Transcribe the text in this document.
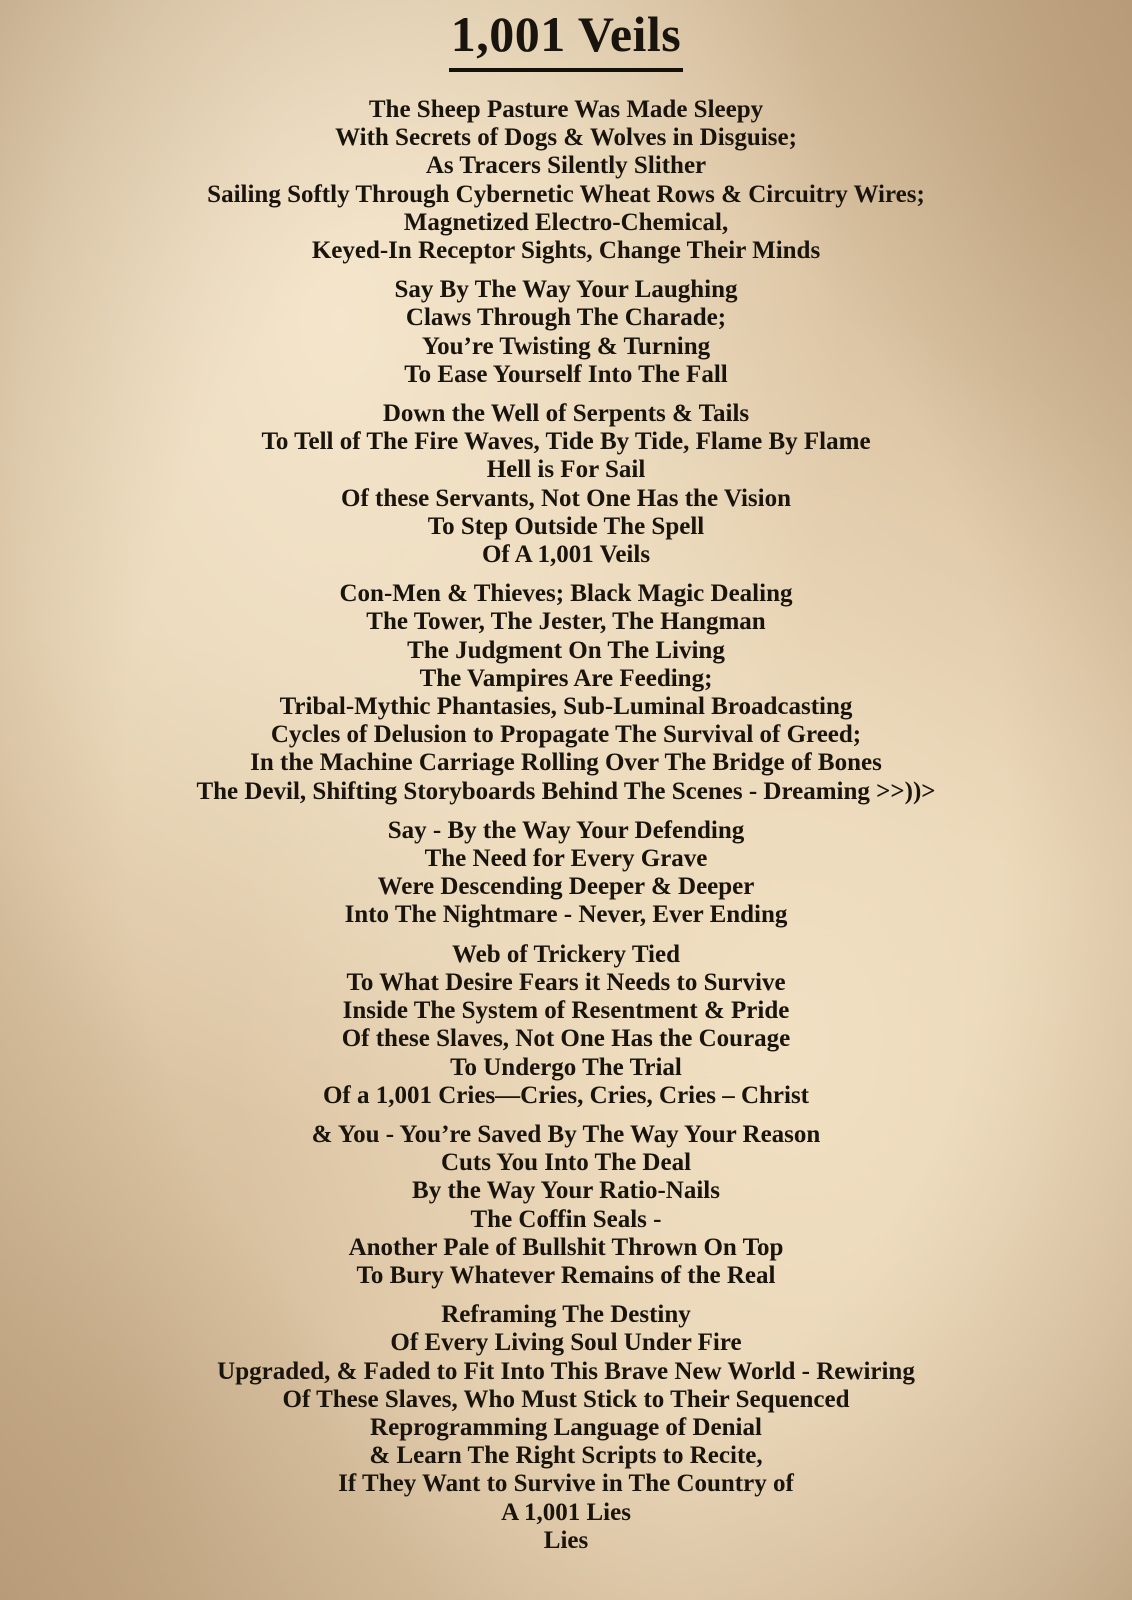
1,001 Veils
The Sheep Pasture Was Made Sleepy
With Secrets of Dogs & Wolves in Disguise;
As Tracers Silently Slither
Sailing Softly Through Cybernetic Wheat Rows & Circuitry Wires;
Magnetized Electro-Chemical,
Keyed-In Receptor Sights, Change Their Minds
Say By The Way Your Laughing
Claws Through The Charade;
You’re Twisting & Turning
To Ease Yourself Into The Fall
Down the Well of Serpents & Tails
To Tell of The Fire Waves, Tide By Tide, Flame By Flame
Hell is For Sail
Of these Servants, Not One Has the Vision
To Step Outside The Spell
Of A 1,001 Veils
Con-Men & Thieves; Black Magic Dealing
The Tower, The Jester, The Hangman
The Judgment On The Living
The Vampires Are Feeding;
Tribal-Mythic Phantasies, Sub-Luminal Broadcasting
Cycles of Delusion to Propagate The Survival of Greed;
In the Machine Carriage Rolling Over The Bridge of Bones
The Devil, Shifting Storyboards Behind The Scenes - Dreaming >>))>
Say - By the Way Your Defending
The Need for Every Grave
Were Descending Deeper & Deeper
Into The Nightmare - Never, Ever Ending
Web of Trickery Tied
To What Desire Fears it Needs to Survive
Inside The System of Resentment & Pride
Of these Slaves, Not One Has the Courage
To Undergo The Trial
Of a 1,001 Cries—Cries, Cries, Cries – Christ
& You - You’re Saved By The Way Your Reason
Cuts You Into The Deal
By the Way Your Ratio-Nails
The Coffin Seals -
Another Pale of Bullshit Thrown On Top
To Bury Whatever Remains of the Real
Reframing The Destiny
Of Every Living Soul Under Fire
Upgraded, & Faded to Fit Into This Brave New World - Rewiring
Of These Slaves, Who Must Stick to Their Sequenced
Reprogramming Language of Denial
& Learn The Right Scripts to Recite,
If They Want to Survive in The Country of
A 1,001 Lies
Lies
